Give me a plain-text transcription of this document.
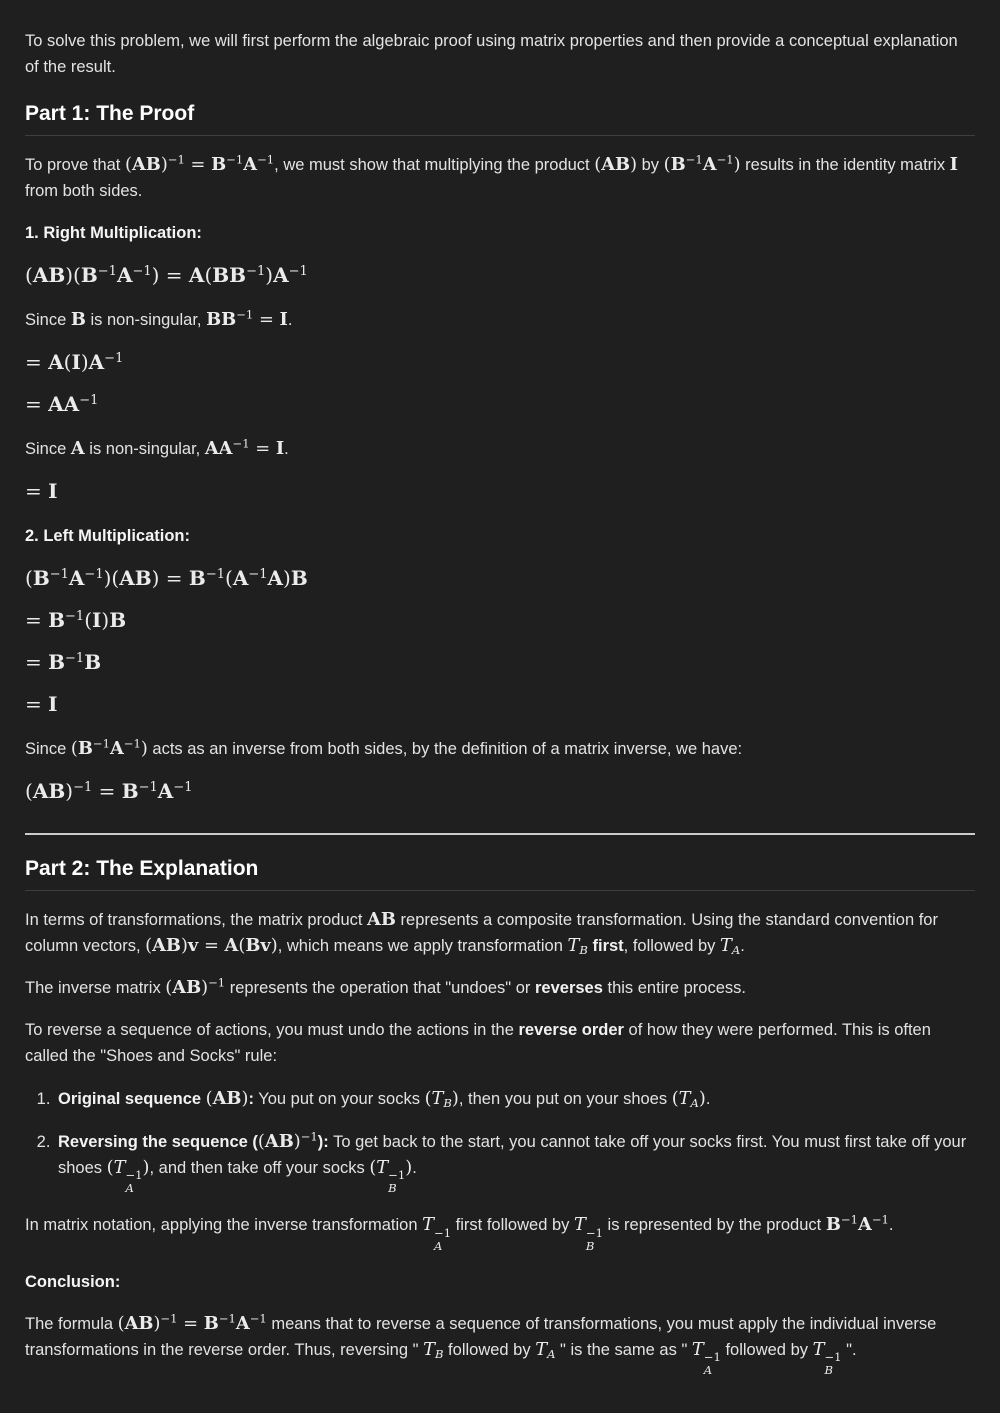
To solve this problem, we will first perform the algebraic proof using matrix properties and then provide a conceptual explanation of the result.

Part 1: The Proof

To prove that $(AB)^{-1} = B^{-1}A^{-1}$, we must show that multiplying the product (AB) by $(B^{-1}A^{-1})$ results in the identity matrix I from both sides.

1. Right Multiplication:

$(AB)(B^{-1}A^{-1}) = A(BB^{-1})A^{-1}$

Since B is non-singular, $BB^{-1} = I$.

= $A(I)A^{-1}$
= $AA^{-1}$

Since A is non-singular, $AA^{-1} = I$.

= I

2. Left Multiplication:

$(B^{-1}A^{-1})(AB) = B^{-1}(A^{-1}A)B$
= $B^{-1}(I)B$
= $B^{-1}B$
= I

Since $(B^{-1}A^{-1})$ acts as an inverse from both sides, by the definition of a matrix inverse, we have:

$(AB)^{-1} = B^{-1}A^{-1}$
Part 2: The Explanation

In terms of transformations, the matrix product AB represents a composite transformation. Using the standard convention for column vectors, (AB)v = A(Bv), which means we apply transformation $T_B$ first, followed by $T_A$.

The inverse matrix (AB)$^{-1}$ represents the operation that "undoes" or reverses this entire process.

To reverse a sequence of actions, you must undo the actions in the reverse order of how they were performed. This is often called the "Shoes and Socks" rule:

1. Original sequence (AB): You put on your socks $(T_B)$, then you put on your shoes $(T_A)$.
2. Reversing the sequence ((AB)$^{-1}$): To get back to the start, you cannot take off your socks first. You must first take off your shoes (T −1
A
), and then take off your socks (T −1
B
).

In matrix notation, applying the inverse transformation T −1
A
first followed by T −1
B
is represented by the product $B^{-1}A^{-1}$.

Conclusion:

The formula $(AB)^{-1} = B^{-1}A^{-1}$ means that to reverse a sequence of transformations, you must apply the individual inverse transformations in the reverse order. Thus, reversing " $T_B$ followed by $T_A$ " is the same as " T −1
A
followed by T −1
B
".
